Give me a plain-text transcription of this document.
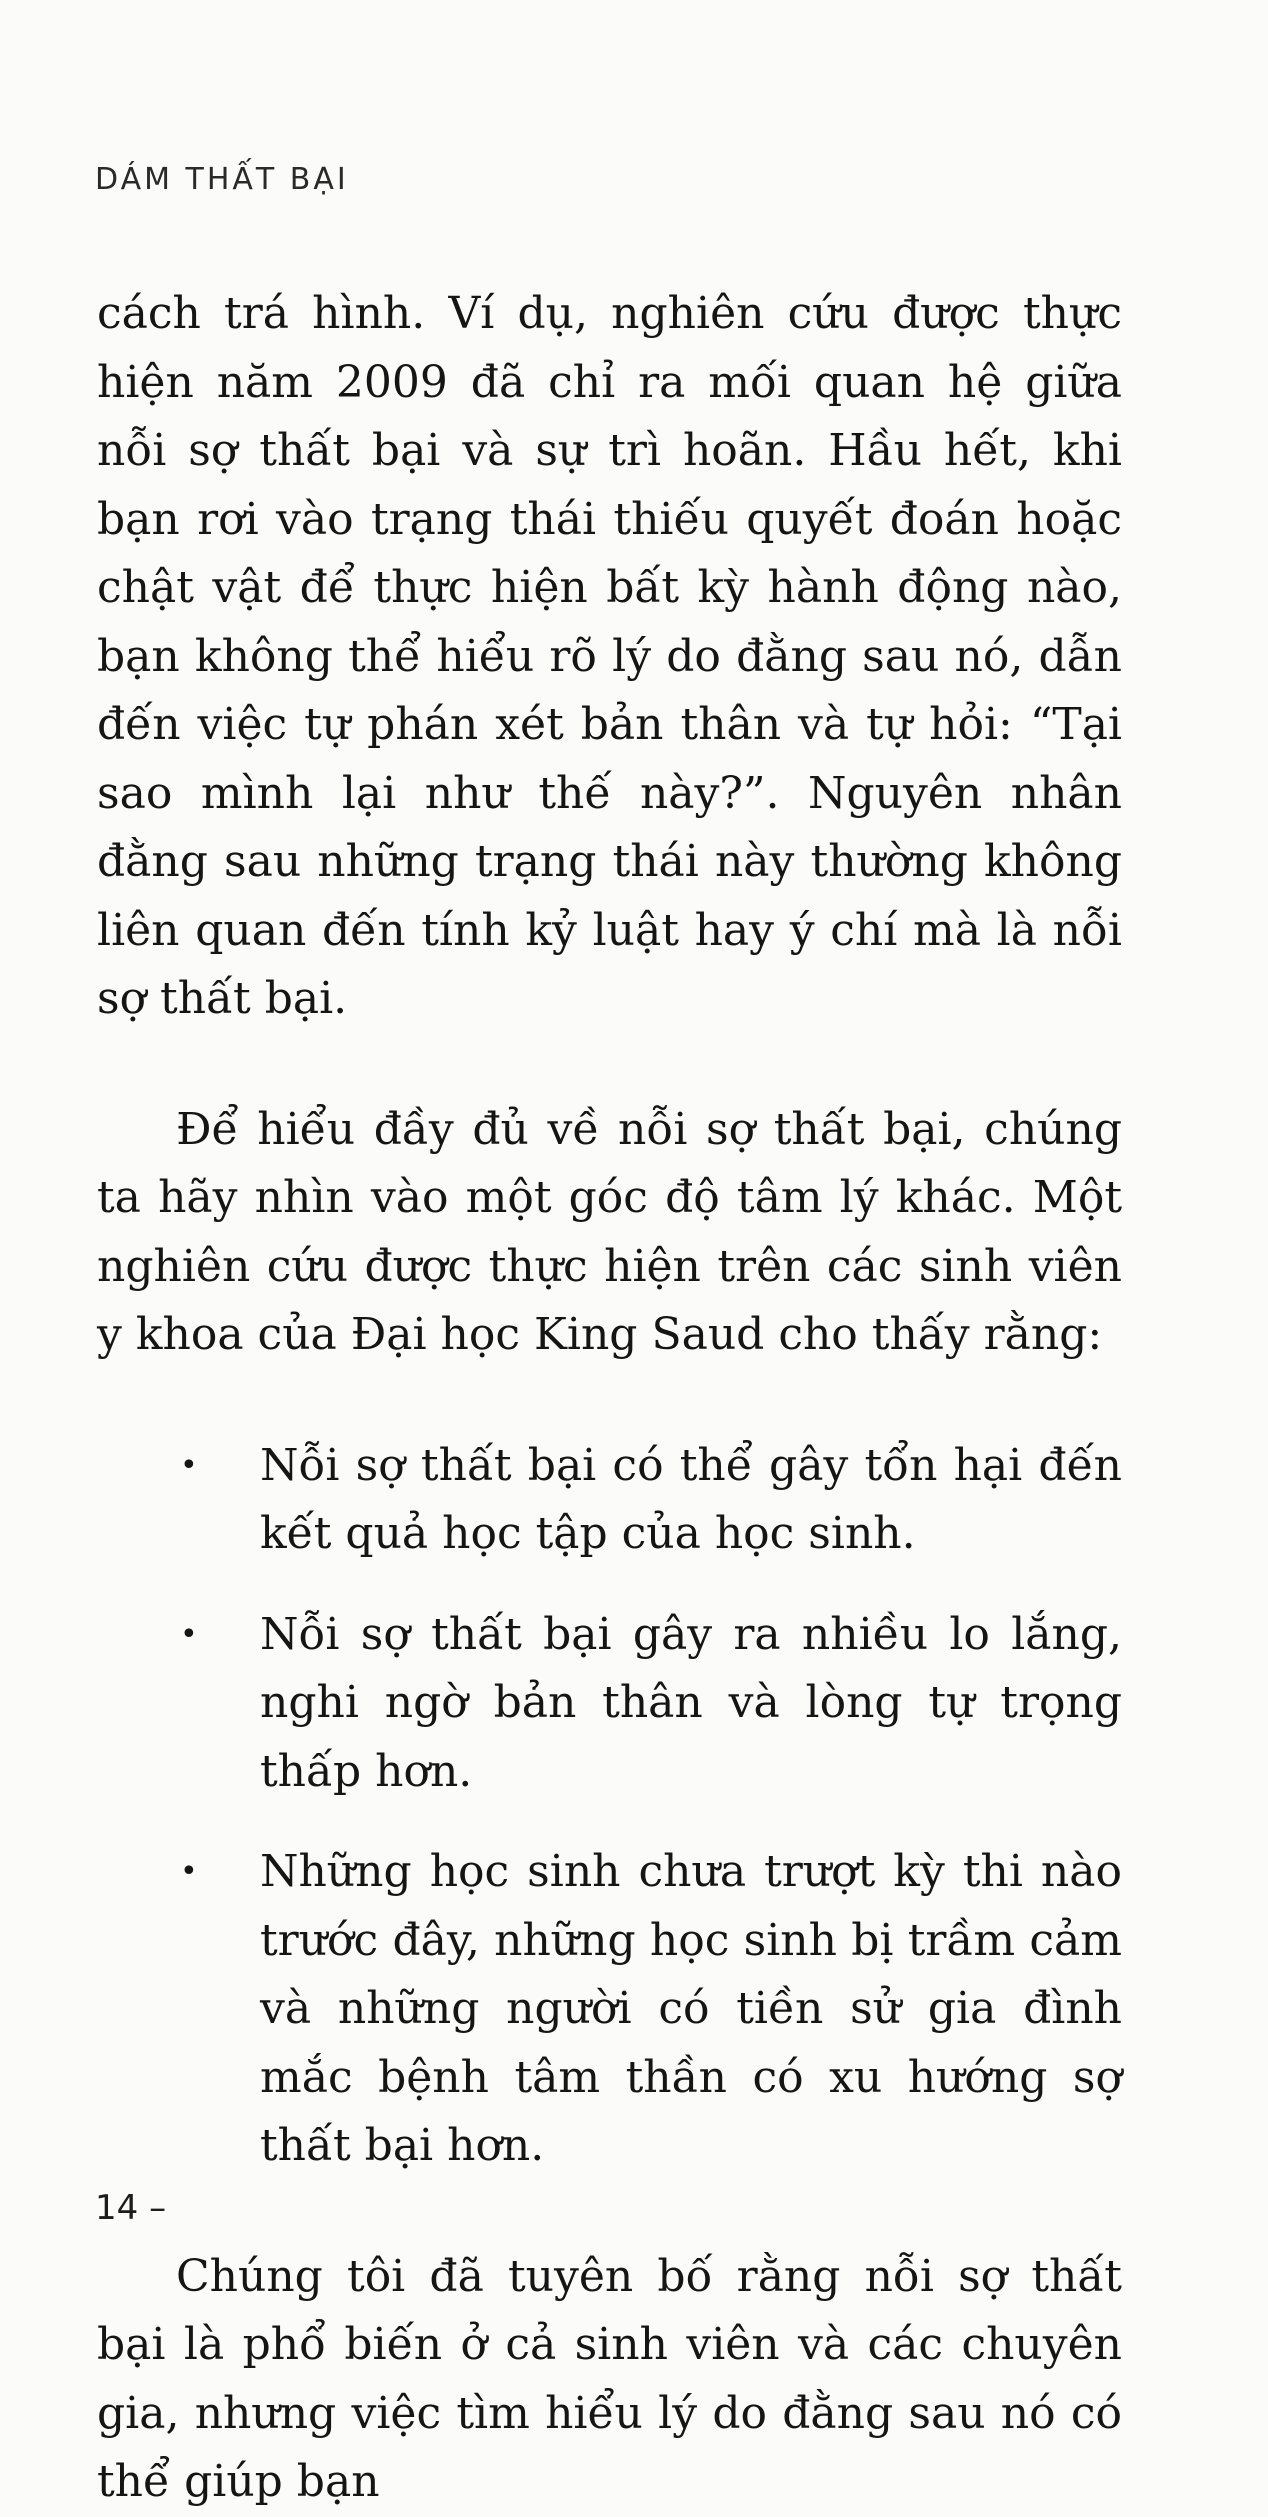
DÁM THẤT BẠI

cách trá hình. Ví dụ, nghiên cứu được thực hiện năm 2009 đã chỉ ra mối quan hệ giữa nỗi sợ thất bại và sự trì hoãn. Hầu hết, khi bạn rơi vào trạng thái thiếu quyết đoán hoặc chật vật để thực hiện bất kỳ hành động nào, bạn không thể hiểu rõ lý do đằng sau nó, dẫn đến việc tự phán xét bản thân và tự hỏi: “Tại sao mình lại như thế này?”. Nguyên nhân đằng sau những trạng thái này thường không liên quan đến tính kỷ luật hay ý chí mà là nỗi sợ thất bại.

Để hiểu đầy đủ về nỗi sợ thất bại, chúng ta hãy nhìn vào một góc độ tâm lý khác. Một nghiên cứu được thực hiện trên các sinh viên y khoa của Đại học King Saud cho thấy rằng:

• Nỗi sợ thất bại có thể gây tổn hại đến kết quả học tập của học sinh.
• Nỗi sợ thất bại gây ra nhiều lo lắng, nghi ngờ bản thân và lòng tự trọng thấp hơn.
• Những học sinh chưa trượt kỳ thi nào trước đây, những học sinh bị trầm cảm và những người có tiền sử gia đình mắc bệnh tâm thần có xu hướng sợ thất bại hơn.

Chúng tôi đã tuyên bố rằng nỗi sợ thất bại là phổ biến ở cả sinh viên và các chuyên gia, nhưng việc tìm hiểu lý do đằng sau nó có thể giúp bạn

14 –
